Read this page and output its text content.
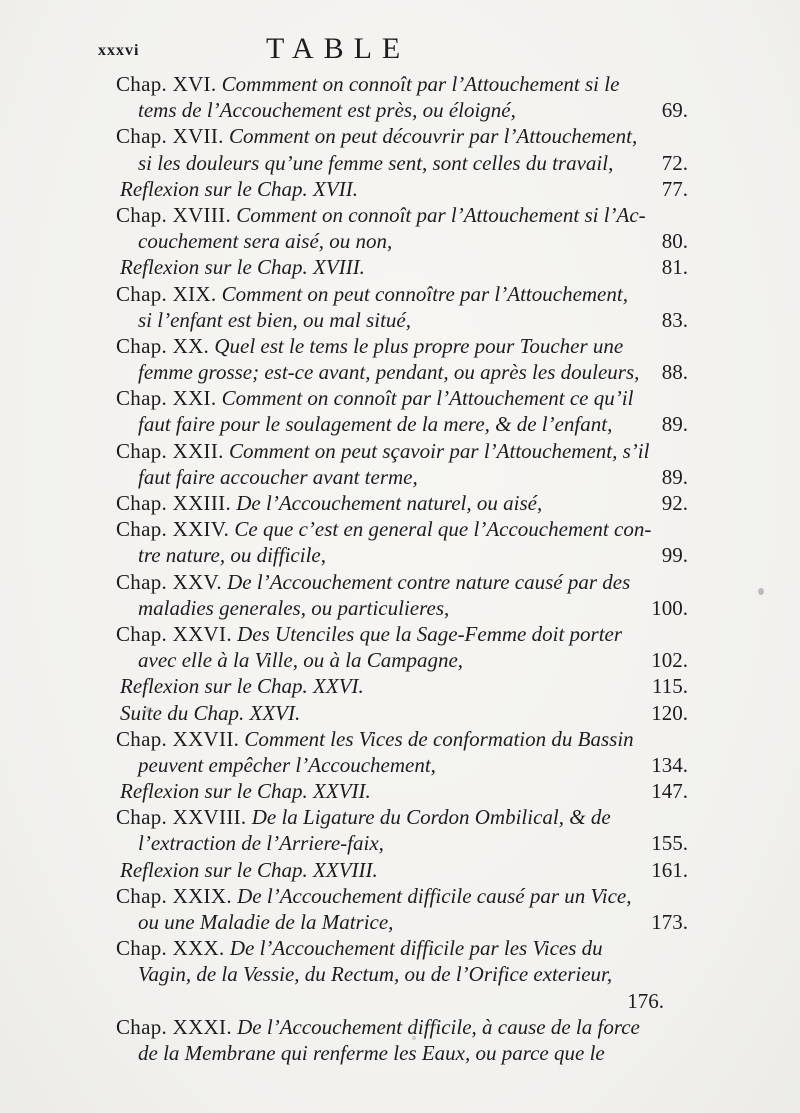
xxxvi	TABLE
Chap. XVI. Commment on connoît par l’Attouchement si le
tems de l’Accouchement est près, ou éloigné,	69.
Chap. XVII. Comment on peut découvrir par l’Attouchement,
si les douleurs qu’une femme sent, sont celles du travail, 72.
Reflexion sur le Chap. XVII.	77.
Chap. XVIII. Comment on connoît par l’Attouchement si l’Ac-
couchement sera aisé, ou non,	80.
Reflexion sur le Chap. XVIII.	81.
Chap. XIX. Comment on peut connoître par l’Attouchement,
si l’enfant est bien, ou mal situé,	83.
Chap. XX. Quel est le tems le plus propre pour Toucher une
femme grosse; est-ce avant, pendant, ou après les douleurs, 88.
Chap. XXI. Comment on connoît par l’Attouchement ce qu’il
faut faire pour le soulagement de la mere, & de l’enfant, 89.
Chap. XXII. Comment on peut sçavoir par l’Attouchement, s’il
faut faire accoucher avant terme,	89.
Chap. XXIII. De l’Accouchement naturel, ou aisé,	92.
Chap. XXIV. Ce que c’est en general que l’Accouchement con-
tre nature, ou difficile,	99.
Chap. XXV. De l’Accouchement contre nature causé par des
maladies generales, ou particulieres,	100.
Chap. XXVI. Des Utenciles que la Sage-Femme doit porter
avec elle à la Ville, ou à la Campagne,	102.
Reflexion sur le Chap. XXVI.	115.
Suite du Chap. XXVI.	120.
Chap. XXVII. Comment les Vices de conformation du Bassin
peuvent empêcher l’Accouchement,	134.
Reflexion sur le Chap. XXVII.	147.
Chap. XXVIII. De la Ligature du Cordon Ombilical, & de
l’extraction de l’Arriere-faix,	155.
Reflexion sur le Chap. XXVIII.	161.
Chap. XXIX. De l’Accouchement difficile causé par un Vice,
ou une Maladie de la Matrice,	173.
Chap. XXX. De l’Accouchement difficile par les Vices du
Vagin, de la Vessie, du Rectum, ou de l’Orifice exterieur,
176.
Chap. XXXI. De l’Accouchement difficile, à cause de la force
de la Membrane qui renferme les Eaux, ou parce que le
